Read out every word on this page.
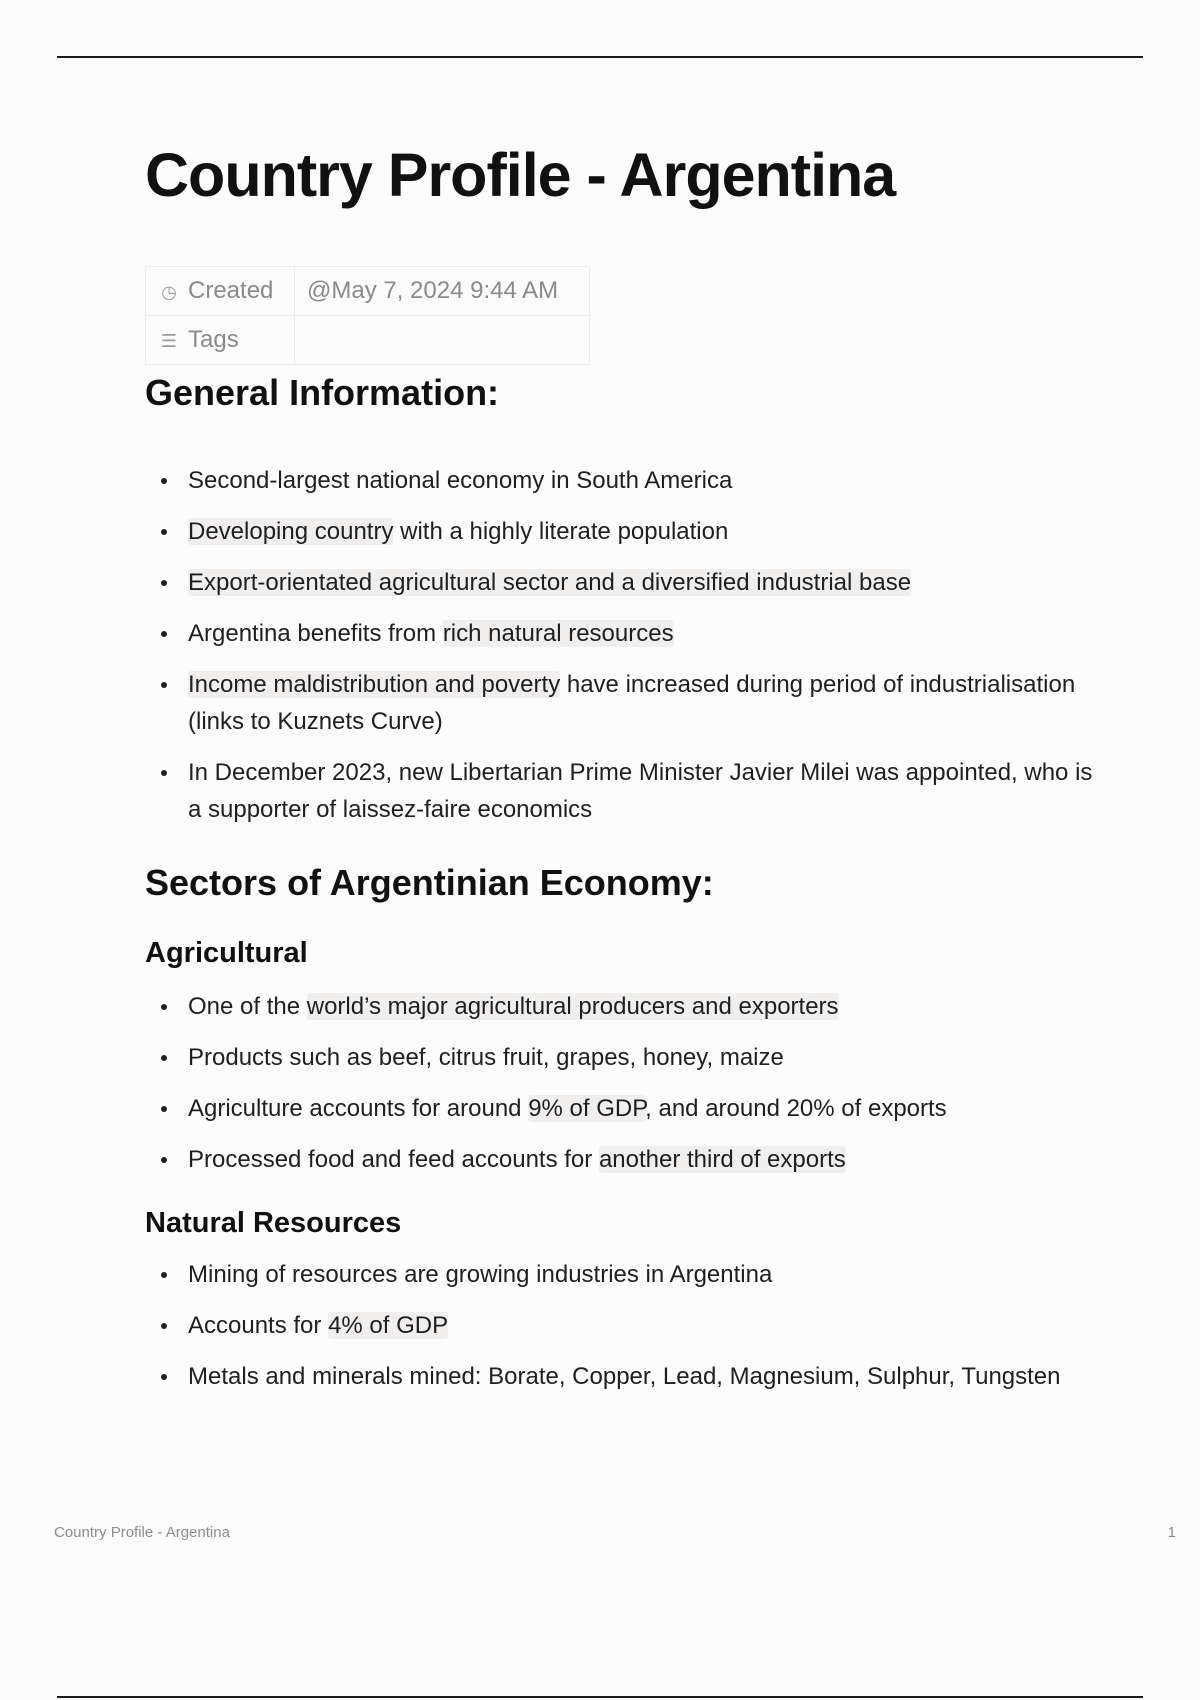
Country Profile - Argentina
◷ Created	@May 7, 2024 9:44 AM
☰ Tags	
General Information:
Second-largest national economy in South America
Developing country with a highly literate population
Export-orientated agricultural sector and a diversified industrial base
Argentina benefits from rich natural resources
Income maldistribution and poverty have increased during period of industrialisation (links to Kuznets Curve)
In December 2023, new Libertarian Prime Minister Javier Milei was appointed, who is a supporter of laissez-faire economics
Sectors of Argentinian Economy:
Agricultural
One of the world’s major agricultural producers and exporters
Products such as beef, citrus fruit, grapes, honey, maize
Agriculture accounts for around 9% of GDP, and around 20% of exports
Processed food and feed accounts for another third of exports
Natural Resources
Mining of resources are growing industries in Argentina
Accounts for 4% of GDP
Metals and minerals mined: Borate, Copper, Lead, Magnesium, Sulphur, Tungsten
Country Profile - Argentina	1
